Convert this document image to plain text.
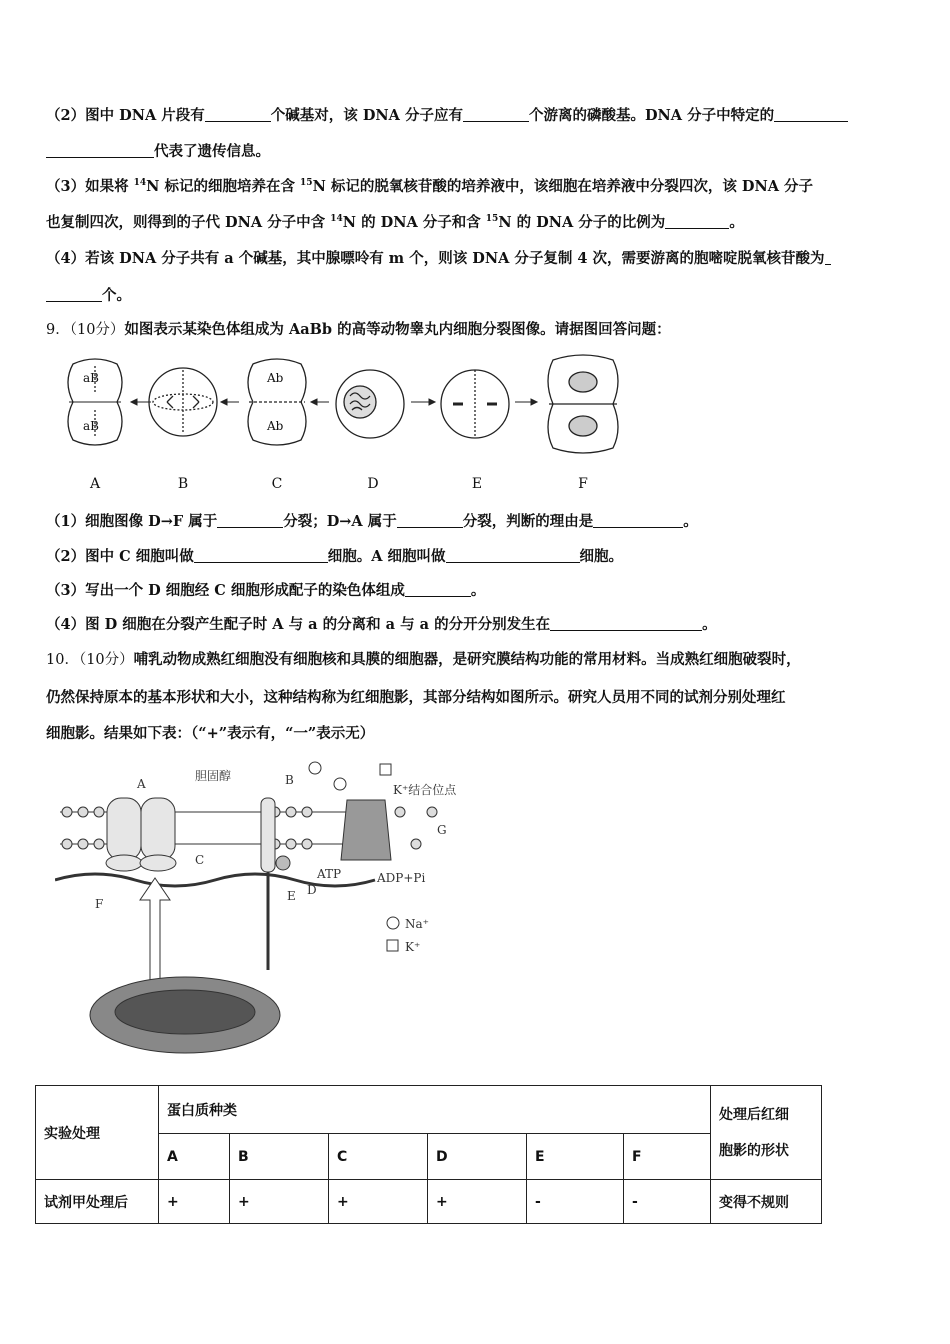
（2）图中 DNA 片段有	个碱基对，该 DNA 分子应有	个游离的磷酸基。DNA 分子中特定的
代表了遗传信息。
（3）如果将 $^{14}$N 标记的细胞培养在含 $^{15}$N 标记的脱氧核苷酸的培养液中，该细胞在培养液中分裂四次，该 DNA 分子
也复制四次，则得到的子代 DNA 分子中含 $^{14}$N 的 DNA 分子和含 $^{15}$N 的 DNA 分子的比例为	。
（4）若该 DNA 分子共有 a 个碱基，其中腺嘌呤有 m 个，则该 DNA 分子复制 4 次，需要游离的胞嘧啶脱氧核苷酸为
个。
9．（10分）如图表示某染色体组成为 AaBb 的高等动物睾丸内细胞分裂图像。请据图回答问题：
aB
aB
Ab
Ab
A	B	C	D	E	F
（1）细胞图像 D→F 属于	分裂；D→A 属于	分裂，判断的理由是	。
（2）图中 C 细胞叫做	细胞。A 细胞叫做	细胞。
（3）写出一个 D 细胞经 C 细胞形成配子的染色体组成	。
（4）图 D 细胞在分裂产生配子时 A 与 a 的分离和 a 与 a 的分开分别发生在	。
10．（10分）哺乳动物成熟红细胞没有细胞核和具膜的细胞器，是研究膜结构功能的常用材料。当成熟红细胞破裂时，
仍然保持原本的基本形状和大小，这种结构称为红细胞影，其部分结构如图所示。研究人员用不同的试剂分别处理红
细胞影。结果如下表：（“+”表示有，“一”表示无）
A	B
C
D
E
F
G
胆固醇
K⁺结合位点
ATP	ADP+Pi
Na⁺
K⁺
实验处理	蛋白质种类						处理后红细
胞影的形状
	A	B	C	D	E	F	
试剂甲处理后	+	+	+	+	-	-	变得不规则
